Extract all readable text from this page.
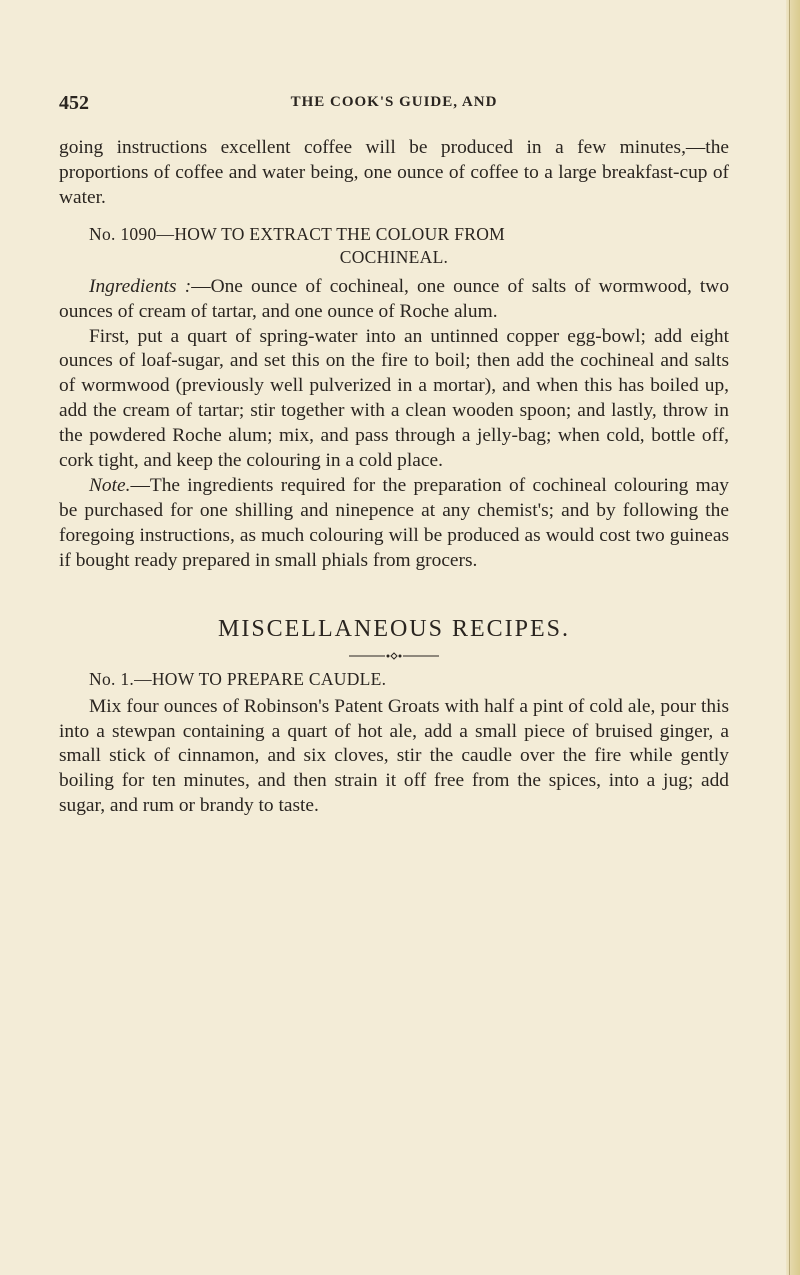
452	THE COOK'S GUIDE, AND

going instructions excellent coffee will be produced in a few minutes,—the proportions of coffee and water being, one ounce of coffee to a large breakfast-cup of water.

No. 1090—HOW TO EXTRACT THE COLOUR FROM

COCHINEAL.

Ingredients :—One ounce of cochineal, one ounce of salts of wormwood, two ounces of cream of tartar, and one ounce of Roche alum.

First, put a quart of spring-water into an untinned copper egg-bowl; add eight ounces of loaf-sugar, and set this on the fire to boil; then add the cochineal and salts of wormwood (previously well pulverized in a mortar), and when this has boiled up, add the cream of tartar; stir together with a clean wooden spoon; and lastly, throw in the powdered Roche alum; mix, and pass through a jelly-bag; when cold, bottle off, cork tight, and keep the colouring in a cold place.

Note.—The ingredients required for the preparation of cochineal colouring may be purchased for one shilling and ninepence at any chemist's; and by following the foregoing instructions, as much colouring will be produced as would cost two guineas if bought ready prepared in small phials from grocers.

MISCELLANEOUS RECIPES.

No. 1.—HOW TO PREPARE CAUDLE.

Mix four ounces of Robinson's Patent Groats with half a pint of cold ale, pour this into a stewpan containing a quart of hot ale, add a small piece of bruised ginger, a small stick of cinnamon, and six cloves, stir the caudle over the fire while gently boiling for ten minutes, and then strain it off free from the spices, into a jug; add sugar, and rum or brandy to taste.
